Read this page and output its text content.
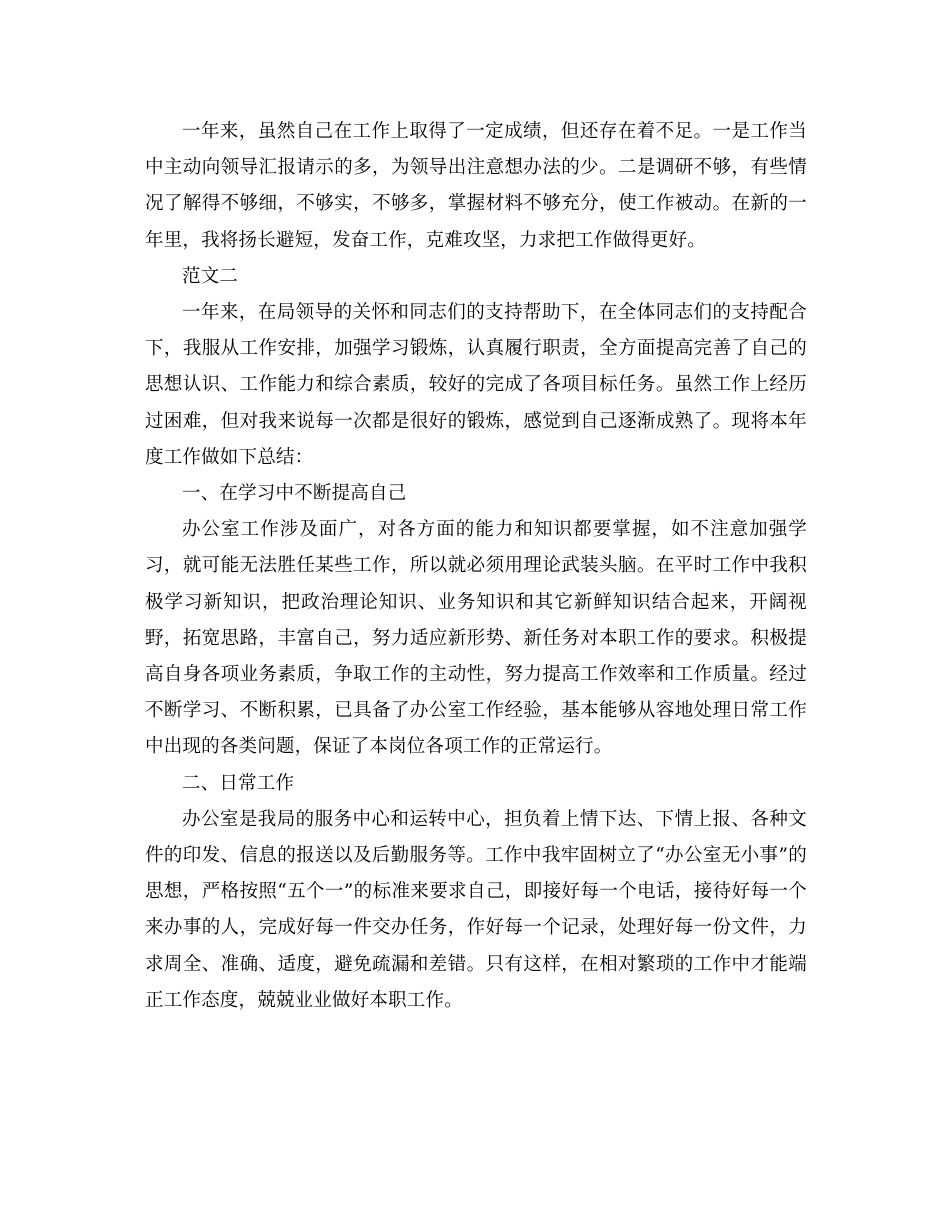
一年来，虽然自己在工作上取得了一定成绩，但还存在着不足。一是工作当中主动向领导汇报请示的多，为领导出注意想办法的少。二是调研不够，有些情况了解得不够细，不够实，不够多，掌握材料不够充分，使工作被动。在新的一年里，我将扬长避短，发奋工作，克难攻坚，力求把工作做得更好。

范文二

一年来，在局领导的关怀和同志们的支持帮助下，在全体同志们的支持配合下，我服从工作安排，加强学习锻炼，认真履行职责，全方面提高完善了自己的思想认识、工作能力和综合素质，较好的完成了各项目标任务。虽然工作上经历过困难，但对我来说每一次都是很好的锻炼，感觉到自己逐渐成熟了。现将本年度工作做如下总结：

一、在学习中不断提高自己

办公室工作涉及面广，对各方面的能力和知识都要掌握，如不注意加强学习，就可能无法胜任某些工作，所以就必须用理论武装头脑。在平时工作中我积极学习新知识，把政治理论知识、业务知识和其它新鲜知识结合起来，开阔视野，拓宽思路，丰富自己，努力适应新形势、新任务对本职工作的要求。积极提高自身各项业务素质，争取工作的主动性，努力提高工作效率和工作质量。经过不断学习、不断积累，已具备了办公室工作经验，基本能够从容地处理日常工作中出现的各类问题，保证了本岗位各项工作的正常运行。

二、日常工作

办公室是我局的服务中心和运转中心，担负着上情下达、下情上报、各种文件的印发、信息的报送以及后勤服务等。工作中我牢固树立了“办公室无小事”的思想，严格按照“五个一”的标准来要求自己，即接好每一个电话，接待好每一个来办事的人，完成好每一件交办任务，作好每一个记录，处理好每一份文件，力求周全、准确、适度，避免疏漏和差错。只有这样，在相对繁琐的工作中才能端正工作态度，兢兢业业做好本职工作。
